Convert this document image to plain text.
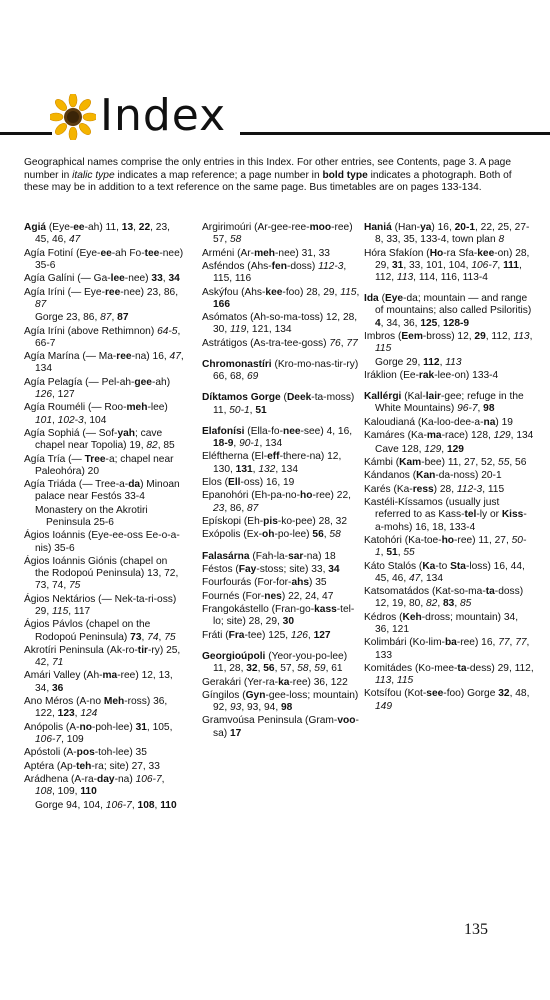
Index

Geographical names comprise the only entries in this Index. For other entries, see Contents, page 3. A page number in italic type indicates a map reference; a page number in bold type indicates a photograph. Both of these may be in addition to a text reference on the same page. Bus timetables are on pages 133-134.

Agiá (Eye-ee-ah) 11, 13, 22, 23, 45, 46, 47

Agía Fotiní (Eye-ee-ah Fo-tee-nee) 35-6

Agía Galíni (— Ga-lee-nee) 33, 34

Agía Iríni (— Eye-ree-nee) 23, 86, 87

Gorge 23, 86, 87, 87

Agía Iríni (above Rethimnon) 64-5, 66-7

Agía Marína (— Ma-ree-na) 16, 47, 134

Agía Pelagía (— Pel-ah-gee-ah) 126, 127

Agía Rouméli (— Roo-meh-lee) 101, 102-3, 104

Agía Sophiá (— Sof-yah; cave chapel near Topolia) 19, 82, 85

Agía Tría (— Tree-a; chapel near Paleohóra) 20

Agía Triáda (— Tree-a-da) Minoan palace near Festós 33-4

Monastery on the Akrotiri Peninsula 25-6

Ágios Ioánnis (Eye-ee-oss Ee-o-a-nis) 35-6

Ágios Ioánnis Giónis (chapel on the Rodopoú Peninsula) 13, 72, 73, 74, 75

Ágios Nektários (— Nek-ta-ri-oss) 29, 115, 117

Ágios Pávlos (chapel on the Rodopoú Peninsula) 73, 74, 75

Akrotíri Peninsula (Ak-ro-tir-ry) 25, 42, 71

Amári Valley (Ah-ma-ree) 12, 13, 34, 36

Ano Méros (A-no Meh-ross) 36, 122, 123, 124

Anópolis (A-no-poh-lee) 31, 105, 106-7, 109

Apóstoli (A-pos-toh-lee) 35

Aptéra (Ap-teh-ra; site) 27, 33

Arádhena (A-ra-day-na) 106-7, 108, 109, 110

Gorge 94, 104, 106-7, 108, 110

Argirimoúri (Ar-gee-ree-moo-ree) 57, 58

Arméni (Ar-meh-nee) 31, 33

Asféndos (Ahs-fen-doss) 112-3, 115, 116

Askýfou (Ahs-kee-foo) 28, 29, 115, 166

Asómatos (Ah-so-ma-toss) 12, 28, 30, 119, 121, 134

Astrátigos (As-tra-tee-goss) 76, 77

Chromonastíri (Kro-mo-nas-tir-ry) 66, 68, 69

Díktamos Gorge (Deek-ta-moss) 11, 50-1, 51

Elafonísi (Ella-fo-nee-see) 4, 16, 18-9, 90-1, 134

Eléftherna (El-eff-there-na) 12, 130, 131, 132, 134

Elos (Ell-oss) 16, 19

Epanohóri (Eh-pa-no-ho-ree) 22, 23, 86, 87

Epískopi (Eh-pis-ko-pee) 28, 32

Exópolis (Ex-oh-po-lee) 56, 58

Falasárna (Fah-la-sar-na) 18

Féstos (Fay-stoss; site) 33, 34

Fourfourás (For-for-ahs) 35

Fournés (For-nes) 22, 24, 47

Frangokástello (Fran-go-kass-tel-lo; site) 28, 29, 30

Fráti (Fra-tee) 125, 126, 127

Georgioúpoli (Yeor-you-po-lee) 11, 28, 32, 56, 57, 58, 59, 61

Gerakári (Yer-ra-ka-ree) 36, 122

Gíngilos (Gyn-gee-loss; mountain) 92, 93, 93, 94, 98

Gramvoúsa Peninsula (Gram-voo-sa) 17

Haniá (Han-ya) 16, 20-1, 22, 25, 27-8, 33, 35, 133-4, town plan 8

Hóra Sfakíon (Ho-ra Sfa-kee-on) 28, 29, 31, 33, 101, 104, 106-7, 111, 112, 113, 114, 116, 113-4

Ida (Eye-da; mountain — and range of mountains; also called Psiloritis) 4, 34, 36, 125, 128-9

Imbros (Eem-bross) 12, 29, 112, 113, 115

Gorge 29, 112, 113

Iráklion (Ee-rak-lee-on) 133-4

Kallérgi (Kal-lair-gee; refuge in the White Mountains) 96-7, 98

Kaloudianá (Ka-loo-dee-a-na) 19

Kamáres (Ka-ma-race) 128, 129, 134

Cave 128, 129, 129

Kámbi (Kam-bee) 11, 27, 52, 55, 56

Kándanos (Kan-da-noss) 20-1

Karés (Ka-ress) 28, 112-3, 115

Kastéli-Kíssamos (usually just referred to as Kass-tel-ly or Kiss-a-mohs) 16, 18, 133-4

Katohóri (Ka-toe-ho-ree) 11, 27, 50-1, 51, 55

Káto Stalós (Ka-to Sta-loss) 16, 44, 45, 46, 47, 134

Katsomatádos (Kat-so-ma-ta-doss) 12, 19, 80, 82, 83, 85

Kédros (Keh-dross; mountain) 34, 36, 121

Kolimbári (Ko-lim-ba-ree) 16, 77, 77, 133

Komitádes (Ko-mee-ta-dess) 29, 112, 113, 115

Kotsífou (Kot-see-foo) Gorge 32, 48, 149

135
